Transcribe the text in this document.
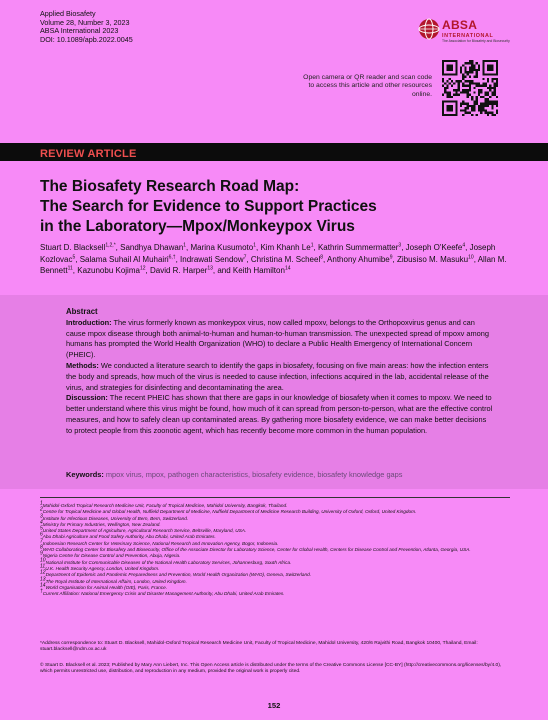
Applied Biosafety
Volume 28, Number 3, 2023
ABSA International 2023
DOI: 10.1089/apb.2022.0045
ABSA
INTERNATIONAL
The Association for Biosafety and Biosecurity
Open camera or QR reader and scan code to access this article and other resources online.
REVIEW ARTICLE
The Biosafety Research Road Map:
The Search for Evidence to Support Practices
in the Laboratory—Mpox/Monkeypox Virus

Stuart D. Blacksell$^{1,2,*}$, Sandhya Dhawan$^1$, Marina Kusumoto$^1$, Kim Khanh Le$^1$, Kathrin Summermatter$^3$, Joseph O'Keefe$^4$, Joseph Kozlovac$^5$, Salama Suhail Al Muhairi$^{6,\dagger}$, Indrawati Sendow$^7$, Christina M. Scheel$^8$, Anthony Ahumibe$^9$, Zibusiso M. Masuku$^{10}$, Allan M. Bennett$^{11}$, Kazunobu Kojima$^{12}$, David R. Harper$^{13}$, and Keith Hamilton$^{14}$

Abstract

Introduction: The virus formerly known as monkeypox virus, now called mpoxv, belongs to the Orthopoxvirus genus and can cause mpox disease through both animal-to-human and human-to-human transmission. The unexpected spread of mpoxv among humans has prompted the World Health Organization (WHO) to declare a Public Health Emergency of International Concern (PHEIC).

Methods: We conducted a literature search to identify the gaps in biosafety, focusing on five main areas: how the infection enters the body and spreads, how much of the virus is needed to cause infection, infections acquired in the lab, accidental release of the virus, and strategies for disinfecting and decontaminating the area.

Discussion: The recent PHEIC has shown that there are gaps in our knowledge of biosafety when it comes to mpoxv. We need to better understand where this virus might be found, how much of it can spread from person-to-person, what are the effective control measures, and how to safely clean up contaminated areas. By gathering more biosafety evidence, we can make better decisions to protect people from this zoonotic agent, which has recently become more common in the human population.

Keywords: mpox virus, mpox, pathogen characteristics, biosafety evidence, biosafety knowledge gaps

$^1$Mahidol-Oxford Tropical Research Medicine Unit, Faculty of Tropical Medicine, Mahidol University, Bangkok, Thailand.

$^2$Centre for Tropical Medicine and Global Health, Nuffield Department of Medicine, Nuffield Department of Medicine Research Building, University of Oxford, Oxford, United Kingdom.

$^3$Institute for Infectious Diseases, University of Bern, Bern, Switzerland.

$^4$Ministry for Primary Industries, Wellington, New Zealand.

$^5$United States Department of Agriculture, Agricultural Research Service, Beltsville, Maryland, USA.

$^6$Abu Dhabi Agriculture and Food Safety Authority, Abu Dhabi, United Arab Emirates.

$^7$Indonesian Research Center for Veterinary Science, National Research and Innovation Agency, Bogor, Indonesia.

$^8$WHO Collaborating Center for Biosafety and Biosecurity, Office of the Associate Director for Laboratory Science, Center for Global Health, Centers for Disease Control and Prevention, Atlanta, Georgia, USA.

$^9$Nigeria Centre for Disease Control and Prevention, Abuja, Nigeria.

$^{10}$National Institute for Communicable Diseases of the National Health Laboratory Services, Johannesburg, South Africa.

$^{11}$U.K. Health Security Agency, London, United Kingdom.

$^{12}$Department of Epidemic and Pandemic Preparedness and Prevention, World Health Organization (WHO), Geneva, Switzerland.

$^{13}$The Royal Institute of International Affairs, London, United Kingdom.

$^{14}$World Organisation for Animal Health (OIE), Paris, France.

†Current Affiliation: National Emergency Crisis and Disaster Management Authority, Abu Dhabi, United Arab Emirates.

*Address correspondence to: Stuart D. Blacksell, Mahidol-Oxford Tropical Research Medicine Unit, Faculty of Tropical Medicine, Mahidol University, 420/6 Rajvithi Road, Bangkok 10400, Thailand, Email: stuart.blacksell@ndm.ox.ac.uk

© Stuart D. Blacksell et al. 2023; Published by Mary Ann Liebert, Inc. This Open Access article is distributed under the terms of the Creative Commons License [CC-BY] (http://creativecommons.org/licenses/by/4.0), which permits unrestricted use, distribution, and reproduction in any medium, provided the original work is properly cited.

152
